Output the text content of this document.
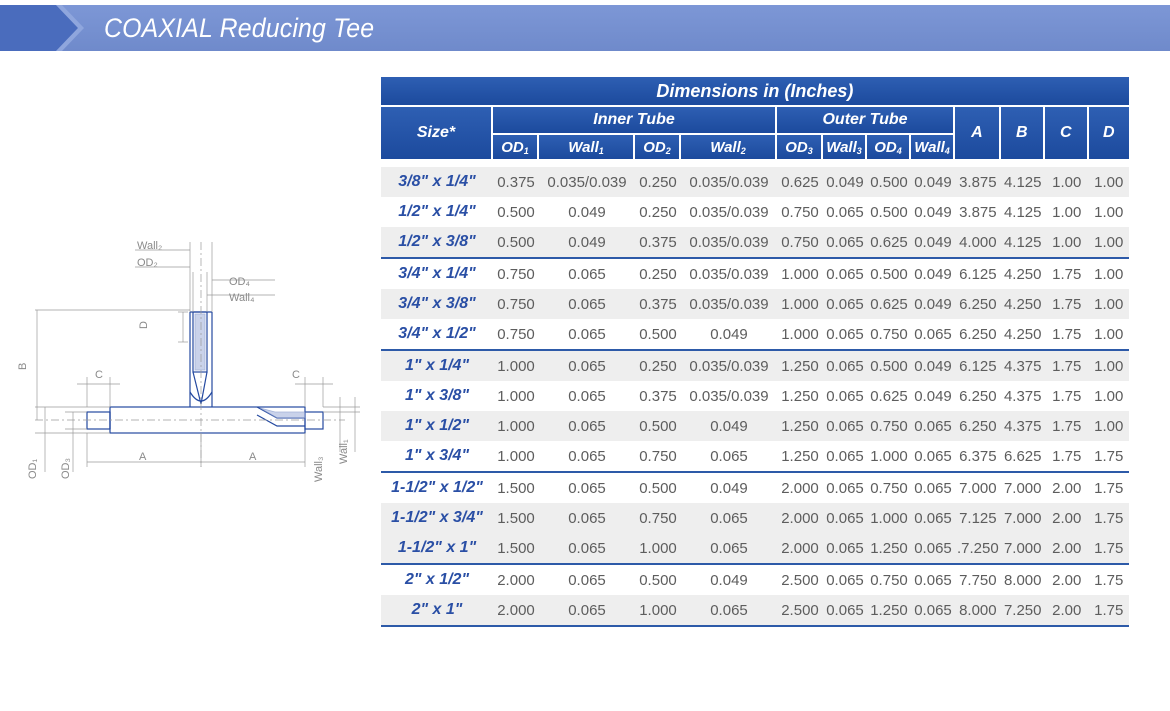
COAXIAL Reducing Tee
Wall₂
OD₂
OD₄
Wall₄
D
B
C	C
A	A
OD₁ OD₃	Wall₃
Wall₁
Dimensions in (Inches)												
Size*	Inner Tube				Outer Tube				A	B	C	D
	$OD_1$	Wall$_1$	$OD_2$	Wall$_2$	$OD_3$	Wall$_3$	$OD_4$	Wall$_4$

3/8" x 1/4"	0.375	0.035/0.039	0.250	0.035/0.039	0.625	0.049	0.500	0.049	3.875	4.125	1.00	1.00
1/2" x 1/4"	0.500	0.049	0.250	0.035/0.039	0.750	0.065	0.500	0.049	3.875	4.125	1.00	1.00
1/2" x 3/8"	0.500	0.049	0.375	0.035/0.039	0.750	0.065	0.625	0.049	4.000	4.125	1.00	1.00
3/4" x 1/4"	0.750	0.065	0.250	0.035/0.039	1.000	0.065	0.500	0.049	6.125	4.250	1.75	1.00
3/4" x 3/8"	0.750	0.065	0.375	0.035/0.039	1.000	0.065	0.625	0.049	6.250	4.250	1.75	1.00
3/4" x 1/2"	0.750	0.065	0.500	0.049	1.000	0.065	0.750	0.065	6.250	4.250	1.75	1.00
1" x 1/4"	1.000	0.065	0.250	0.035/0.039	1.250	0.065	0.500	0.049	6.125	4.375	1.75	1.00
1" x 3/8"	1.000	0.065	0.375	0.035/0.039	1.250	0.065	0.625	0.049	6.250	4.375	1.75	1.00
1" x 1/2"	1.000	0.065	0.500	0.049	1.250	0.065	0.750	0.065	6.250	4.375	1.75	1.00
1" x 3/4"	1.000	0.065	0.750	0.065	1.250	0.065	1.000	0.065	6.375	6.625	1.75	1.75
1-1/2" x 1/2"	1.500	0.065	0.500	0.049	2.000	0.065	0.750	0.065	7.000	7.000	2.00	1.75
1-1/2" x 3/4"	1.500	0.065	0.750	0.065	2.000	0.065	1.000	0.065	7.125	7.000	2.00	1.75
1-1/2" x 1"	1.500	0.065	1.000	0.065	2.000	0.065	1.250	0.065	.7.250	7.000	2.00	1.75
2" x 1/2"	2.000	0.065	0.500	0.049	2.500	0.065	0.750	0.065	7.750	8.000	2.00	1.75
2" x 1"	2.000	0.065	1.000	0.065	2.500	0.065	1.250	0.065	8.000	7.250	2.00	1.75
